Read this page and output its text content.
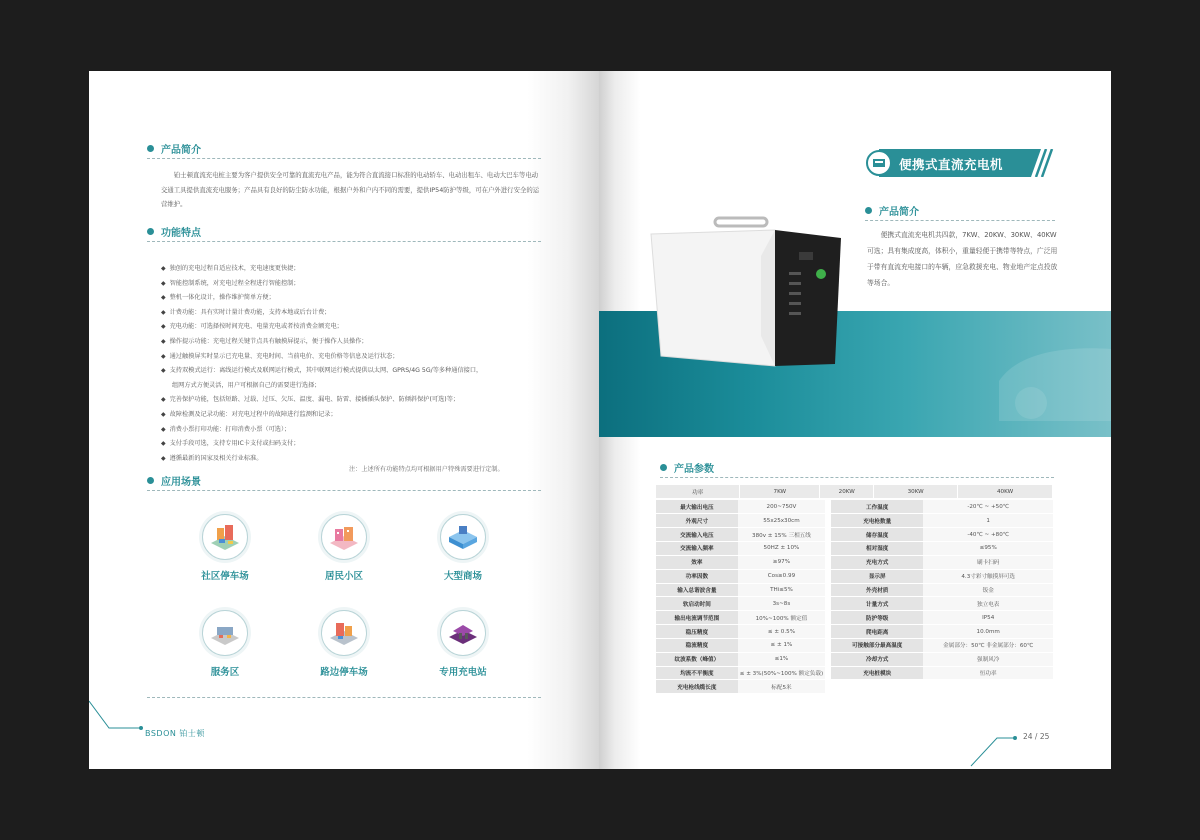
产品简介

铂士顿直流充电桩主要为客户提供安全可靠的直流充电产品，能为符合直流接口标准的电动轿车、电动出租车、电动大巴车等电动交通工具提供直流充电服务；产品具有良好的防尘防水功能，根据户外和户内不同的需要，提供IP54防护等级，可在户外进行安全的运营维护。

功能特点
◆ 独创的充电过程自适应技术，充电速度更快捷；
◆ 智能控制系统，对充电过程全程进行智能控制；
◆ 整机一体化设计，操作维护简单方便；
◆ 计费功能：具有实时计量计费功能，支持本地或后台计费；
◆ 充电功能：可选择按时间充电、电量充电或者按消费金额充电；
◆ 操作提示功能：充电过程关键节点具有触摸屏提示，便于操作人员操作；
◆ 通过触摸屏实时显示已充电量、充电时间、当前电价、充电价格等信息及运行状态；
◆ 支持双模式运行：离线运行模式及联网运行模式，其中联网运行模式提供以太网、GPRS/4G 5G/等多种通信接口，
组网方式方便灵活，用户可根据自己的需要进行选择；
◆ 完善保护功能，包括短路、过载、过压、欠压、温度、漏电、防雷、接插插头保护、防倾斜保护(可选)等；
◆ 故障检测及记录功能：对充电过程中的故障进行监测和记录；
◆ 消费小票打印功能：打印消费小票（可选）；
◆ 支付手段可选，支持专用IC卡支付或扫码支付；
◆ 遵循最新的国家及相关行业标准。
注：上述所有功能特点均可根据用户特殊需要进行定制。
应用场景
社区停车场	居民小区	大型商场
服务区	路边停车场	专用充电站
BSDON 铂士顿
便携式直流充电机
产品简介

便携式直流充电机共四款，7KW、20KW、30KW、40KW可选；具有集成度高，体积小，重量轻便于携带等特点，广泛用于带有直流充电接口的车辆，应急救援充电、物业地产定点投放等场合。

产品参数
功率	7KW	20KW	30KW	40KW
最大输出电压	200~750V		工作温度	-20℃ ~ +50℃
外观尺寸	55x25x30cm		充电枪数量	1
交流输入电压	380v ± 15% 三相五线		储存温度	-40℃ ~ +80℃
交流输入频率	50HZ ± 10%		相对湿度	≤95%
效率	≥97%		充电方式	刷卡扫码
功率因数	Cos≥0.99		显示屏	4.3寸彩寸触摸屏可选
输入总谐波含量	THi≤5%		外壳材质	钣金
软启动时间	3s~8s		计量方式	独立电表
输出电流调节范围	10%~100% 额定值		防护等级	IP54
稳压精度	≤ ± 0.5%		爬电距离	10.0mm
稳流精度	≤ ± 1%		可接触部分最高温度	金属部分：50℃ 非金属部分：60℃
纹波系数（峰值）	≤1%		冷却方式	强制风冷
均流不平衡度	≤ ± 3%(50%~100% 额定负载)		充电桩模块	恒功率
充电枪线缆长度	标配5米			
24 / 25
